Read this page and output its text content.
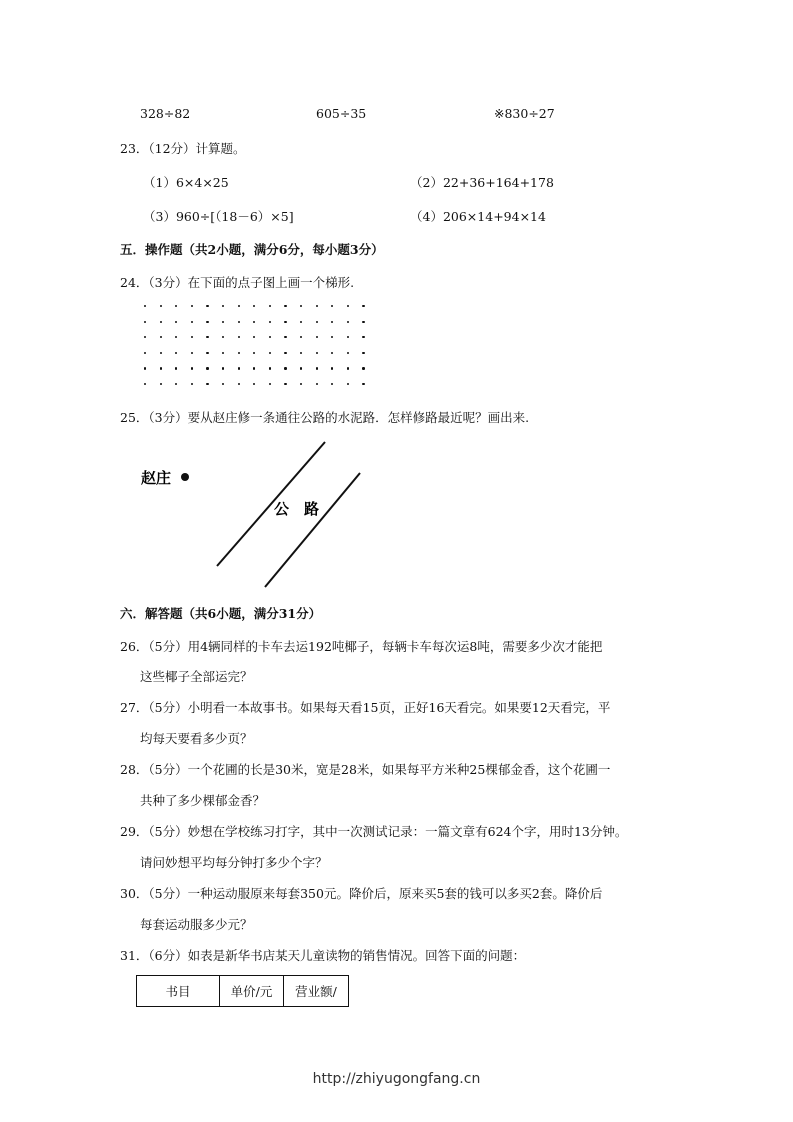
328÷82	605÷35	※830÷27
23．（12分）计算题。
（1）6×4×25	（2）22+36+164+178
（3）960÷[（18－6）×5]	（4）206×14+94×14
五．操作题（共2小题，满分6分，每小题3分）
24．（3分）在下面的点子图上画一个梯形.
25．（3分）要从赵庄修一条通往公路的水泥路．怎样修路最近呢？画出来.
赵庄
公　路
六．解答题（共6小题，满分31分）
26．（5分）用4辆同样的卡车去运192吨椰子，每辆卡车每次运8吨，需要多少次才能把
这些椰子全部运完？
27．（5分）小明看一本故事书。如果每天看15页，正好16天看完。如果要12天看完，平
均每天要看多少页？
28．（5分）一个花圃的长是30米，宽是28米，如果每平方米种25棵郁金香，这个花圃一
共种了多少棵郁金香？
29．（5分）妙想在学校练习打字，其中一次测试记录：一篇文章有624个字，用时13分钟。
请问妙想平均每分钟打多少个字？
30．（5分）一种运动服原来每套350元。降价后，原来买5套的钱可以多买2套。降价后
每套运动服多少元？
31．（6分）如表是新华书店某天儿童读物的销售情况。回答下面的问题：
书目	单价/元	营业额/
http://zhiyugongfang.cn
